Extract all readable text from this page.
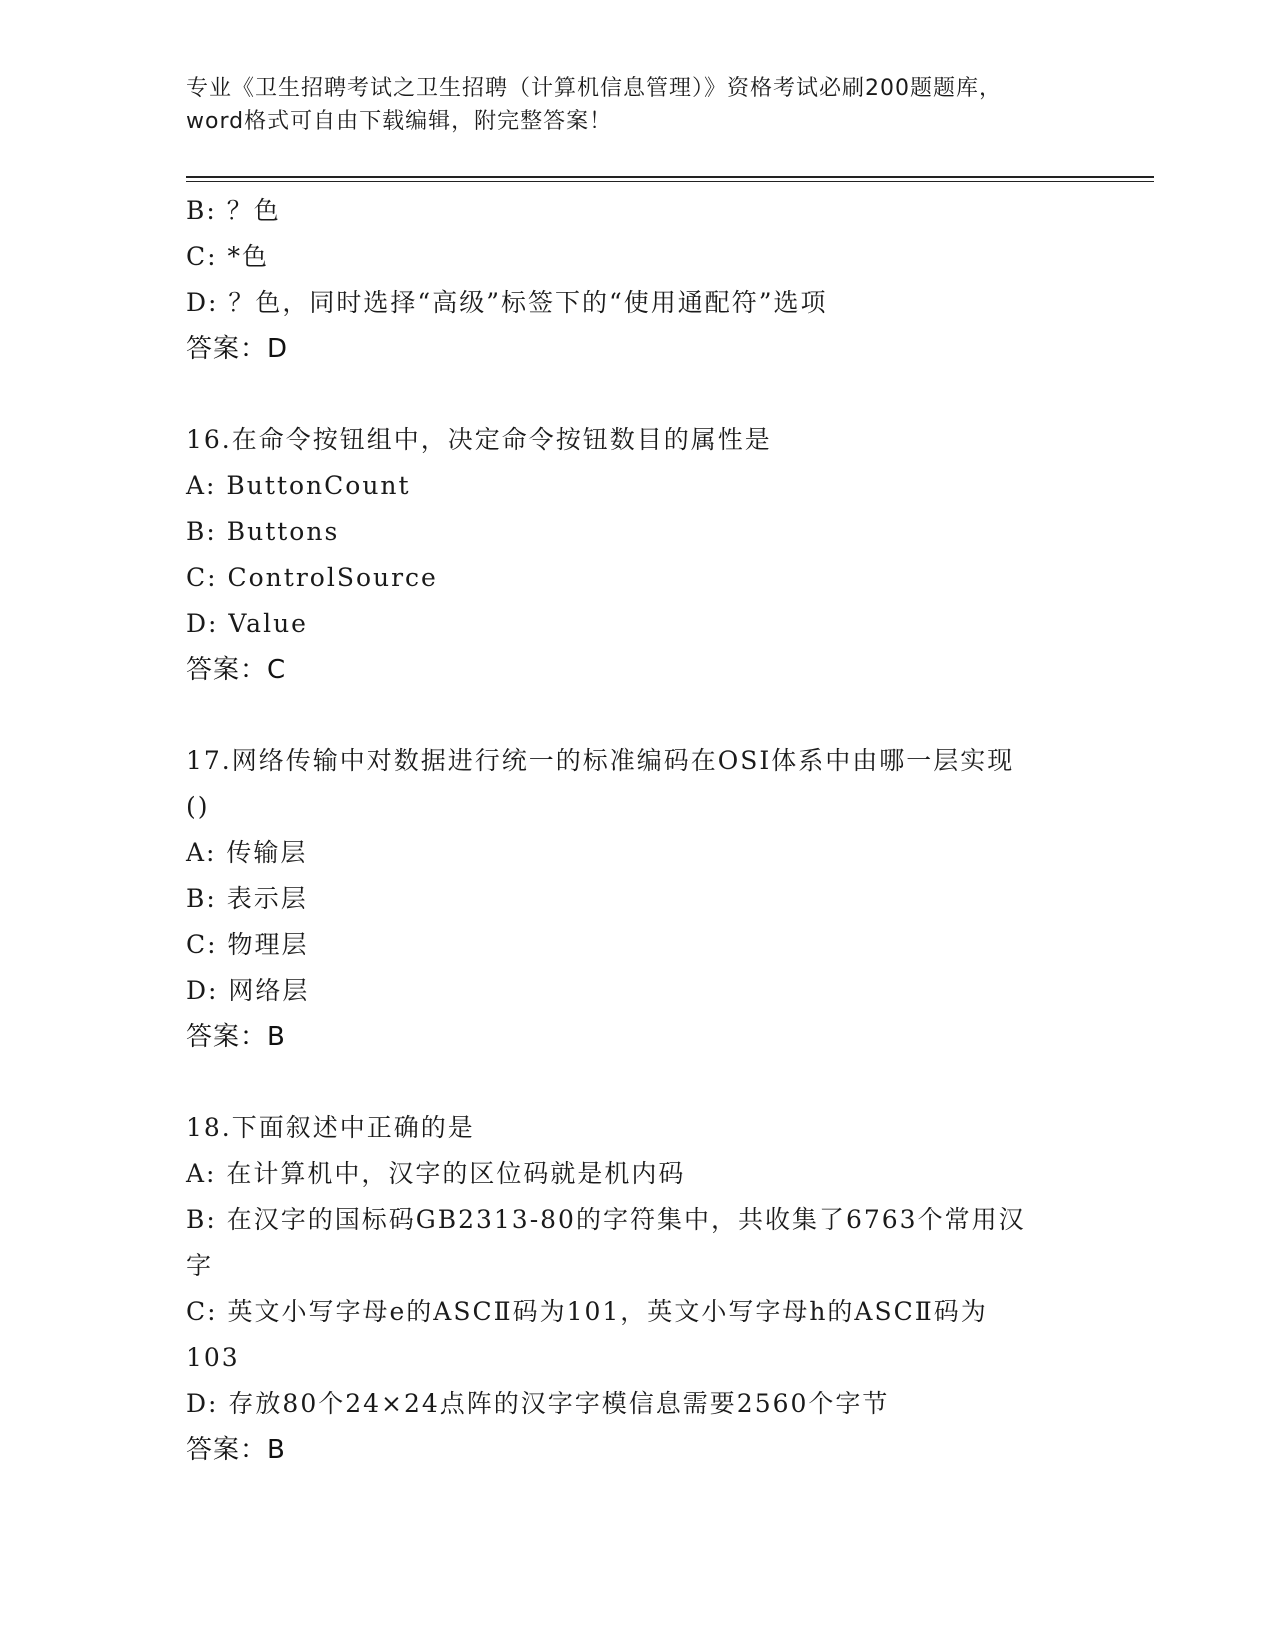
专业《卫生招聘考试之卫生招聘（计算机信息管理）》资格考试必刷200题题库，
word格式可自由下载编辑，附完整答案！
B: ？色
C: *色
D: ？色，同时选择“高级”标签下的“使用通配符”选项
答案：D
16.在命令按钮组中，决定命令按钮数目的属性是
A: ButtonCount
B: Buttons
C: ControlSource
D: Value
答案：C
17.网络传输中对数据进行统一的标准编码在OSI体系中由哪一层实现
()
A: 传输层
B: 表示层
C: 物理层
D: 网络层
答案：B
18.下面叙述中正确的是
A: 在计算机中，汉字的区位码就是机内码
B: 在汉字的国标码GB2313-80的字符集中，共收集了6763个常用汉
字
C: 英文小写字母e的ASCⅡ码为101，英文小写字母h的ASCⅡ码为
103
D: 存放80个24×24点阵的汉字字模信息需要2560个字节
答案：B
